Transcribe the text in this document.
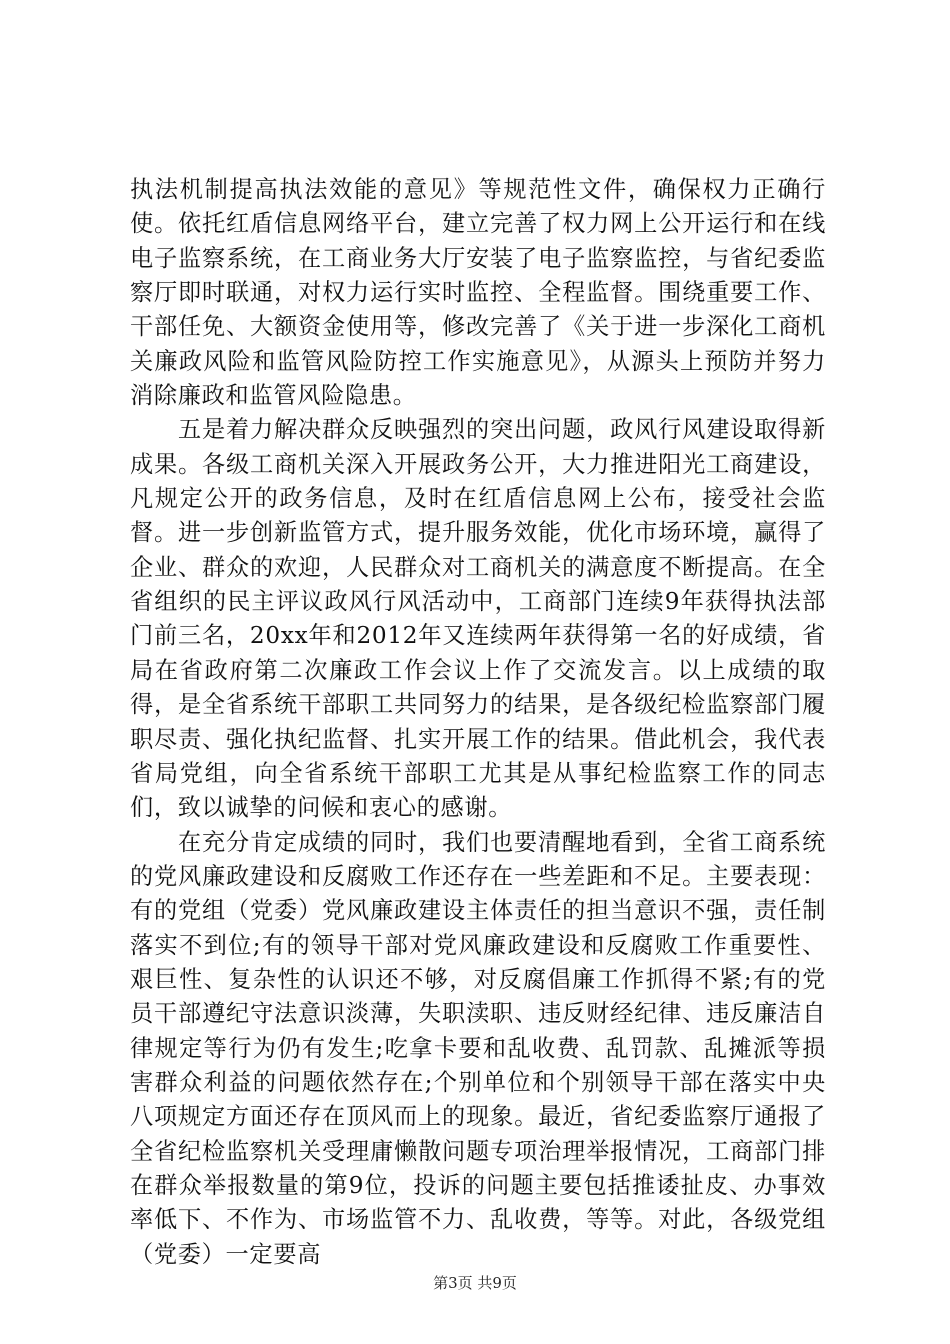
执法机制提高执法效能的意见》等规范性文件，确保权力正确行使。依托红盾信息网络平台，建立完善了权力网上公开运行和在线电子监察系统，在工商业务大厅安装了电子监察监控，与省纪委监察厅即时联通，对权力运行实时监控、全程监督。围绕重要工作、干部任免、大额资金使用等，修改完善了《关于进一步深化工商机关廉政风险和监管风险防控工作实施意见》，从源头上预防并努力消除廉政和监管风险隐患。

五是着力解决群众反映强烈的突出问题，政风行风建设取得新成果。各级工商机关深入开展政务公开，大力推进阳光工商建设，凡规定公开的政务信息，及时在红盾信息网上公布，接受社会监督。进一步创新监管方式，提升服务效能，优化市场环境，赢得了企业、群众的欢迎，人民群众对工商机关的满意度不断提高。在全省组织的民主评议政风行风活动中，工商部门连续9年获得执法部门前三名，20xx年和2012年又连续两年获得第一名的好成绩，省局在省政府第二次廉政工作会议上作了交流发言。以上成绩的取得，是全省系统干部职工共同努力的结果，是各级纪检监察部门履职尽责、强化执纪监督、扎实开展工作的结果。借此机会，我代表省局党组，向全省系统干部职工尤其是从事纪检监察工作的同志们，致以诚挚的问候和衷心的感谢。

在充分肯定成绩的同时，我们也要清醒地看到，全省工商系统的党风廉政建设和反腐败工作还存在一些差距和不足。主要表现：有的党组（党委）党风廉政建设主体责任的担当意识不强，责任制落实不到位;有的领导干部对党风廉政建设和反腐败工作重要性、艰巨性、复杂性的认识还不够，对反腐倡廉工作抓得不紧;有的党员干部遵纪守法意识淡薄，失职渎职、违反财经纪律、违反廉洁自律规定等行为仍有发生;吃拿卡要和乱收费、乱罚款、乱摊派等损害群众利益的问题依然存在;个别单位和个别领导干部在落实中央八项规定方面还存在顶风而上的现象。最近，省纪委监察厅通报了全省纪检监察机关受理庸懒散问题专项治理举报情况，工商部门排在群众举报数量的第9位，投诉的问题主要包括推诿扯皮、办事效率低下、不作为、市场监管不力、乱收费，等等。对此，各级党组（党委）一定要高

第3页 共9页
